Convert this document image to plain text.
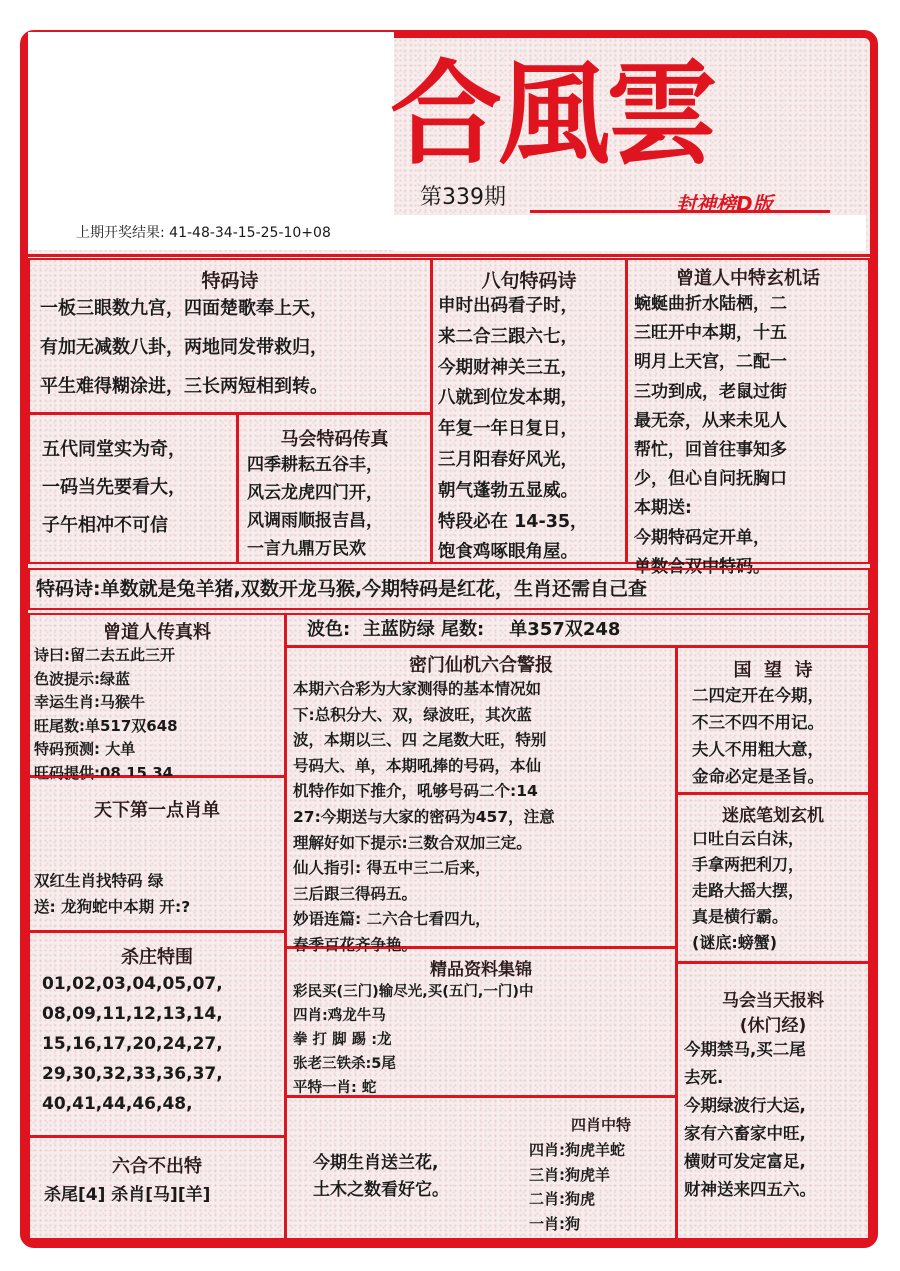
合風雲
第339期	封神榜D版
上期开奖结果: 41-48-34-15-25-10+08
特码诗
一板三眼数九宫，四面楚歌奉上天，
有加无减数八卦，两地同发带救归，
平生难得糊涂进，三长两短相到转。
八句特码诗
申时出码看子时，
来二合三跟六七，
今期财神关三五，
八就到位发本期，
年复一年日复日，
三月阳春好风光，
朝气蓬勃五显威。
特段必在 14-35，
饱食鸡啄眼角屋。
曾道人中特玄机话
蜿蜒曲折水陆栖，二
三旺开中本期，十五
明月上天宫，二配一
三功到成，老鼠过街
最无奈，从来未见人
帮忙，回首往事知多
少，但心自问抚胸口
本期送:
今期特码定开单，
单数合双中特码。
五代同堂实为奇，
一码当先要看大，
子午相冲不可信
马会特码传真
四季耕耘五谷丰，
风云龙虎四门开，
风调雨顺报吉昌，
一言九鼎万民欢
特码诗:单数就是兔羊猪,双数开龙马猴,今期特码是红花，生肖还需自己查
曾道人传真料
诗曰:留二去五此三开
色波提示:绿蓝
幸运生肖:马猴牛
旺尾数:单517双648
特码预测: 大单
旺码提供:08 15 34
波色:  主蓝防绿 尾数:    单357双248
密门仙机六合警报
本期六合彩为大家测得的基本情况如
下:总积分大、双，绿波旺，其次蓝
波，本期以三、四 之尾数大旺，特别
号码大、单，本期吼捧的号码，本仙
机特作如下推介，吼够号码二个:14
27:今期送与大家的密码为457，注意
理解好如下提示:三数合双加三定。
仙人指引: 得五中三二后来，
三后跟三得码五。
妙语连篇: 二六合七看四九，
春季百花齐争艳。
国  望  诗
二四定开在今期，
不三不四不用记。
夫人不用粗大意，
金命必定是圣旨。
天下第一点肖单
双红生肖找特码 绿
送: 龙狗蛇中本期 开:?
迷底笔划玄机
口吐白云白沫，
手拿两把利刀，
走路大摇大摆，
真是横行霸。
(谜底:螃蟹)
杀庄特围
01,02,03,04,05,07,
08,09,11,12,13,14,
15,16,17,20,24,27,
29,30,32,33,36,37,
40,41,44,46,48,
精品资料集锦
彩民买(三门)输尽光,买(五门,一门)中
四肖:鸡龙牛马
拳 打 脚 踢 :龙
张老三铁杀:5尾
平特一肖: 蛇
马会当天报料
(休门经)
今期禁马,买二尾
去死.
今期绿波行大运,
家有六畜家中旺,
横财可发定富足,
财神送来四五六。
今期生肖送兰花,
土木之数看好它。
四肖中特
四肖:狗虎羊蛇
三肖:狗虎羊
二肖:狗虎
一肖:狗
六合不出特
杀尾[4] 杀肖[马][羊]
